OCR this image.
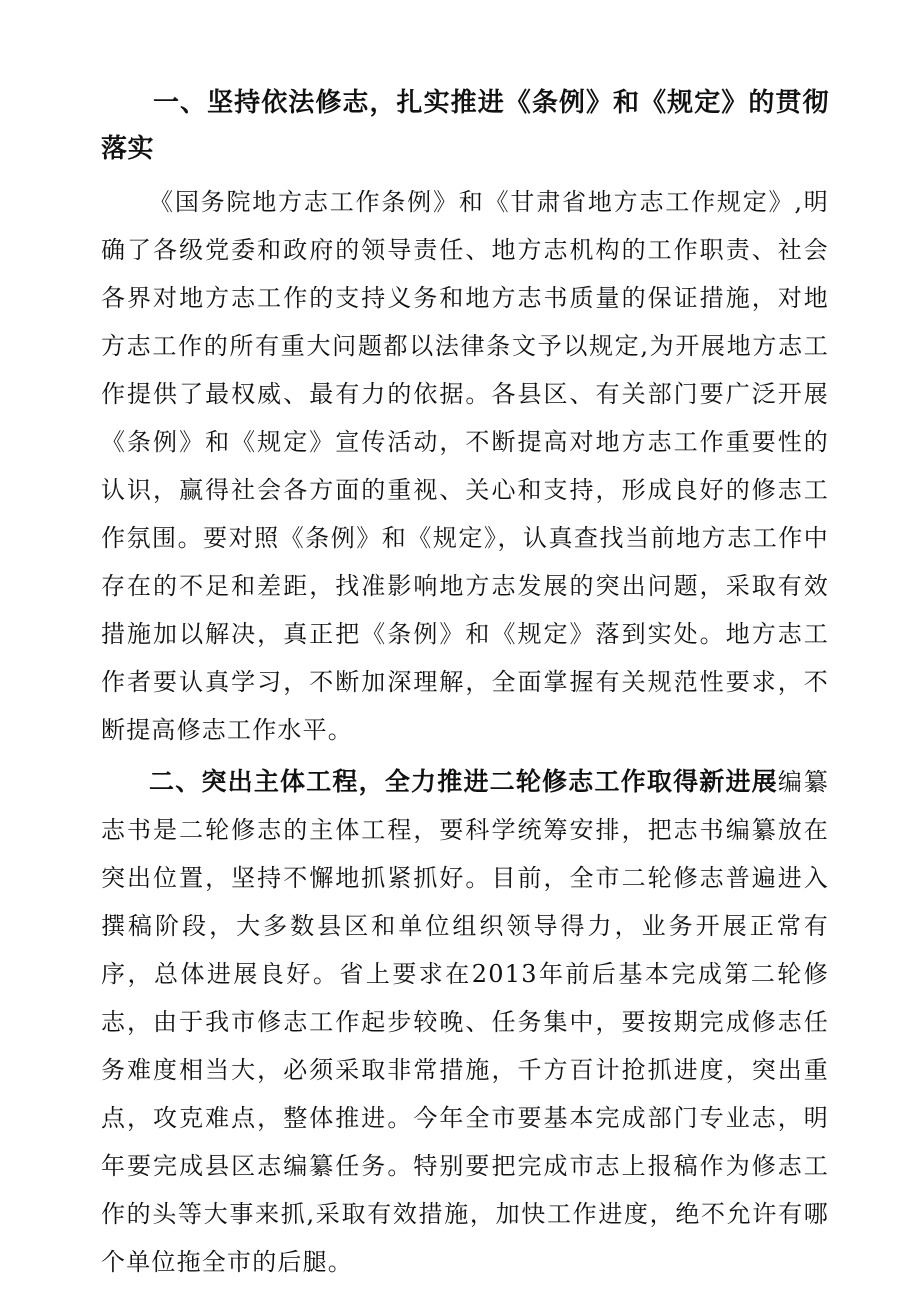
一、坚持依法修志，扎实推进《条例》和《规定》的贯彻落实

《国务院地方志工作条例》和《甘肃省地方志工作规定》,明确了各级党委和政府的领导责任、地方志机构的工作职责、社会各界对地方志工作的支持义务和地方志书质量的保证措施，对地方志工作的所有重大问题都以法律条文予以规定,为开展地方志工作提供了最权威、最有力的依据。各县区、有关部门要广泛开展《条例》和《规定》宣传活动，不断提高对地方志工作重要性的认识，赢得社会各方面的重视、关心和支持，形成良好的修志工作氛围。要对照《条例》和《规定》，认真查找当前地方志工作中存在的不足和差距，找准影响地方志发展的突出问题，采取有效措施加以解决，真正把《条例》和《规定》落到实处。地方志工作者要认真学习，不断加深理解，全面掌握有关规范性要求，不断提高修志工作水平。

二、突出主体工程，全力推进二轮修志工作取得新进展编纂志书是二轮修志的主体工程，要科学统筹安排，把志书编纂放在突出位置，坚持不懈地抓紧抓好。目前，全市二轮修志普遍进入撰稿阶段，大多数县区和单位组织领导得力，业务开展正常有序，总体进展良好。省上要求在2013年前后基本完成第二轮修志，由于我市修志工作起步较晚、任务集中，要按期完成修志任务难度相当大，必须采取非常措施，千方百计抢抓进度，突出重点，攻克难点，整体推进。今年全市要基本完成部门专业志，明年要完成县区志编纂任务。特别要把完成市志上报稿作为修志工作的头等大事来抓,采取有效措施，加快工作进度，绝不允许有哪个单位拖全市的后腿。
